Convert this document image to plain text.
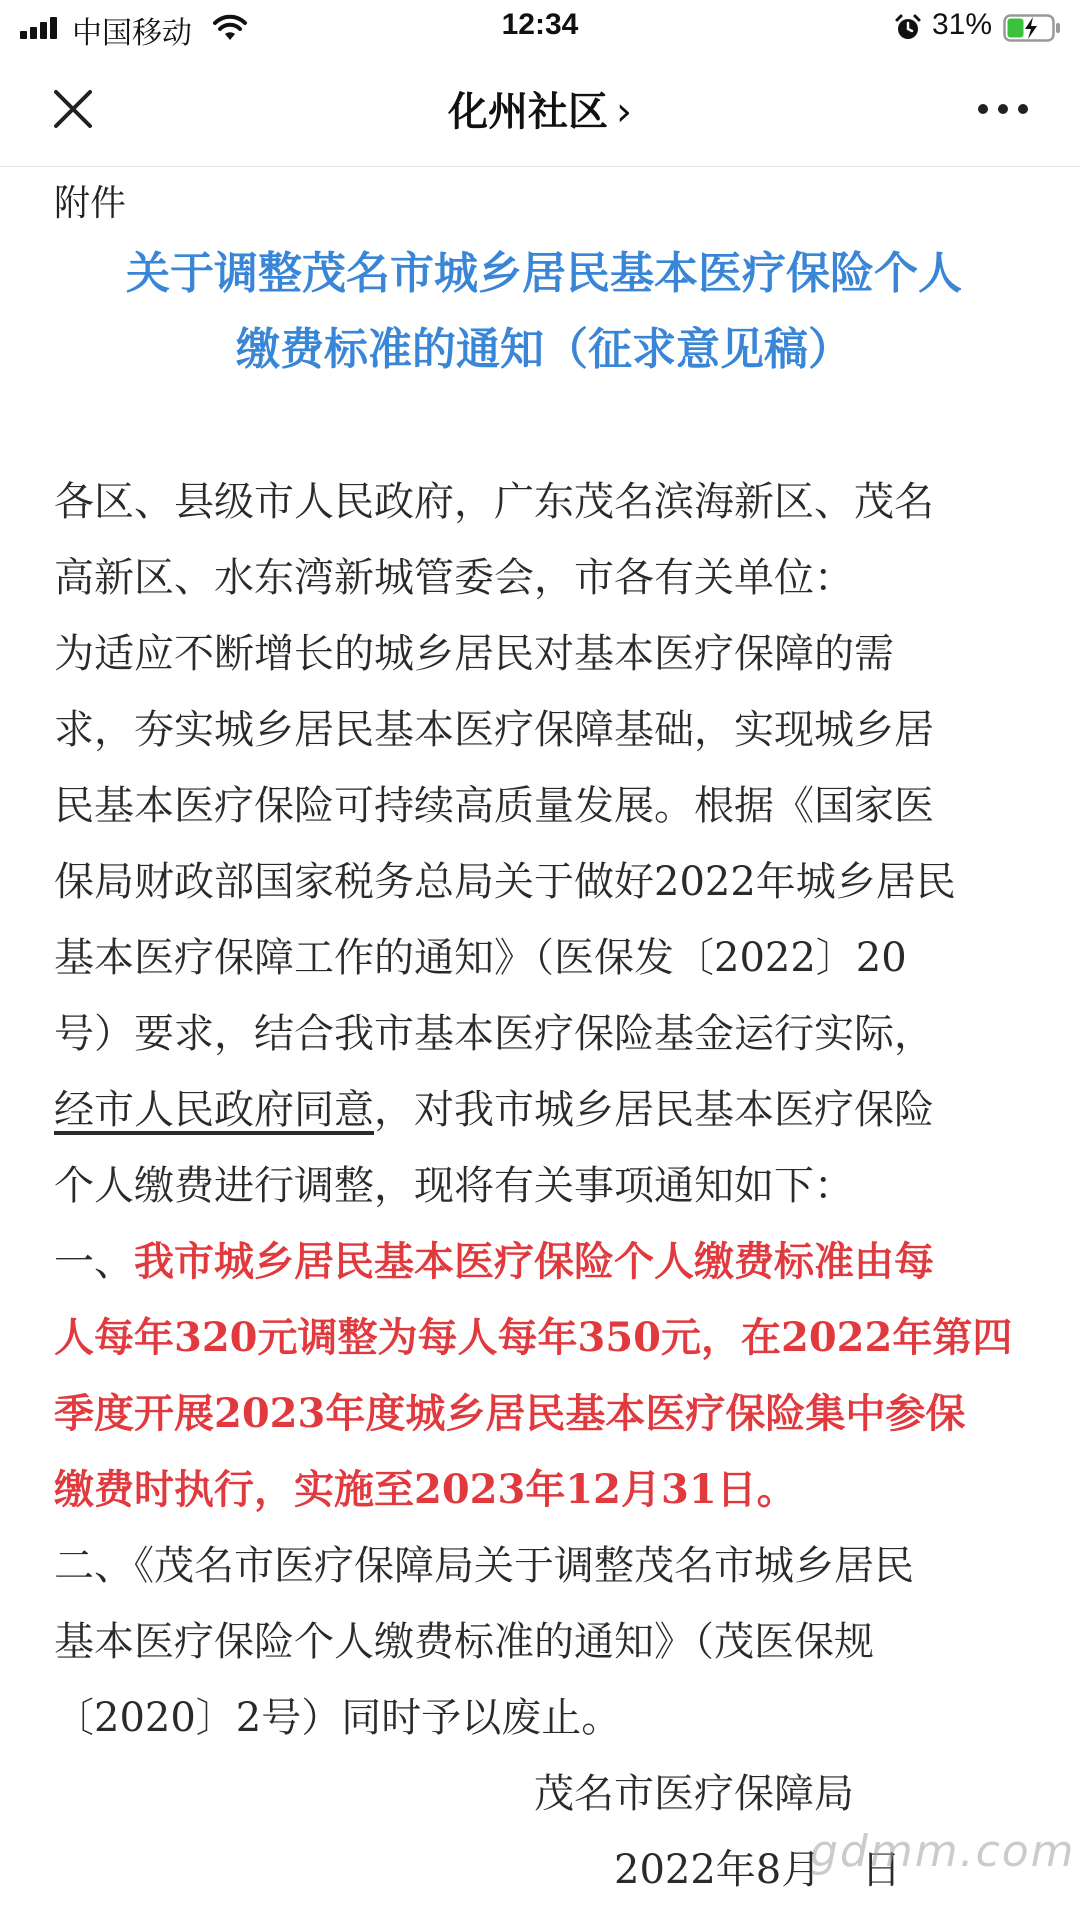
中国移动	12:34	31%
化州社区 ›
附件
关于调整茂名市城乡居民基本医疗保险个人
缴费标准的通知（征求意见稿）
各区、县级市人民政府，广东茂名滨海新区、茂名
高新区、水东湾新城管委会，市各有关单位：
为适应不断增长的城乡居民对基本医疗保障的需
求，夯实城乡居民基本医疗保障基础，实现城乡居
民基本医疗保险可持续高质量发展。根据《国家医
保局财政部国家税务总局关于做好2022年城乡居民
基本医疗保障工作的通知》（医保发〔2022〕20
号）要求，结合我市基本医疗保险基金运行实际，
经市人民政府同意，对我市城乡居民基本医疗保险
个人缴费进行调整，现将有关事项通知如下：
一、我市城乡居民基本医疗保险个人缴费标准由每
人每年320元调整为每人每年350元，在2022年第四
季度开展2023年度城乡居民基本医疗保险集中参保
缴费时执行，实施至2023年12月31日。
二、《茂名市医疗保障局关于调整茂名市城乡居民
基本医疗保险个人缴费标准的通知》（茂医保规
〔2020〕2号）同时予以废止。
茂名市医疗保障局
2022年8月　日
gdmm.com
